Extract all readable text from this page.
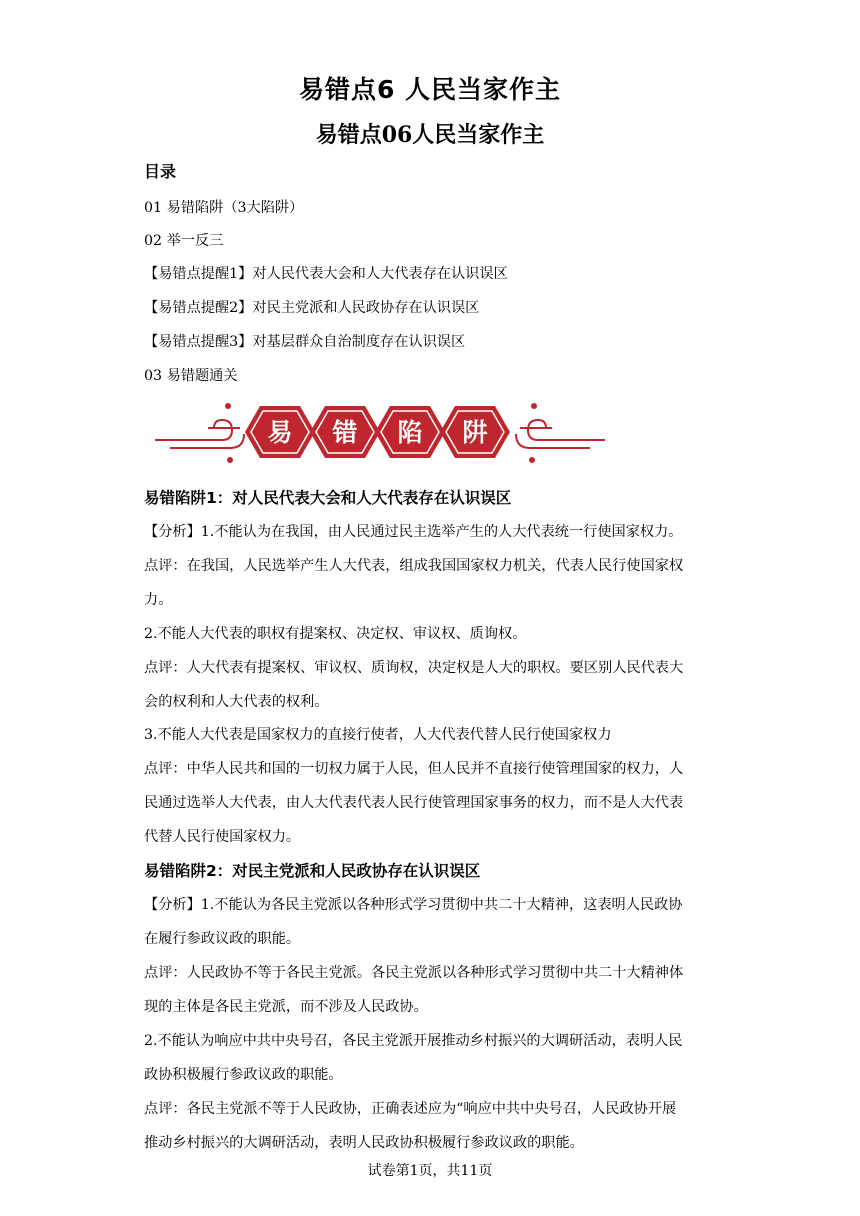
易错点6 人民当家作主
易错点06人民当家作主
目录
01 易错陷阱（3大陷阱）
02 举一反三
【易错点提醒1】对人民代表大会和人大代表存在认识误区
【易错点提醒2】对民主党派和人民政协存在认识误区
【易错点提醒3】对基层群众自治制度存在认识误区
03 易错题通关
易 错 陷 阱
易错陷阱1：对人民代表大会和人大代表存在认识误区
【分析】1.不能认为在我国，由人民通过民主选举产生的人大代表统一行使国家权力。
点评：在我国，人民选举产生人大代表，组成我国国家权力机关，代表人民行使国家权
力。
2.不能人大代表的职权有提案权、决定权、审议权、质询权。
点评：人大代表有提案权、审议权、质询权，决定权是人大的职权。要区别人民代表大
会的权利和人大代表的权利。
3.不能人大代表是国家权力的直接行使者，人大代表代替人民行使国家权力
点评：中华人民共和国的一切权力属于人民，但人民并不直接行使管理国家的权力，人
民通过选举人大代表，由人大代表代表人民行使管理国家事务的权力，而不是人大代表
代替人民行使国家权力。
易错陷阱2：对民主党派和人民政协存在认识误区
【分析】1.不能认为各民主党派以各种形式学习贯彻中共二十大精神，这表明人民政协
在履行参政议政的职能。
点评：人民政协不等于各民主党派。各民主党派以各种形式学习贯彻中共二十大精神体
现的主体是各民主党派，而不涉及人民政协。
2.不能认为响应中共中央号召，各民主党派开展推动乡村振兴的大调研活动，表明人民
政协积极履行参政议政的职能。
点评：各民主党派不等于人民政协，正确表述应为“响应中共中央号召，人民政协开展
推动乡村振兴的大调研活动，表明人民政协积极履行参政议政的职能。
试卷第1页，共11页
